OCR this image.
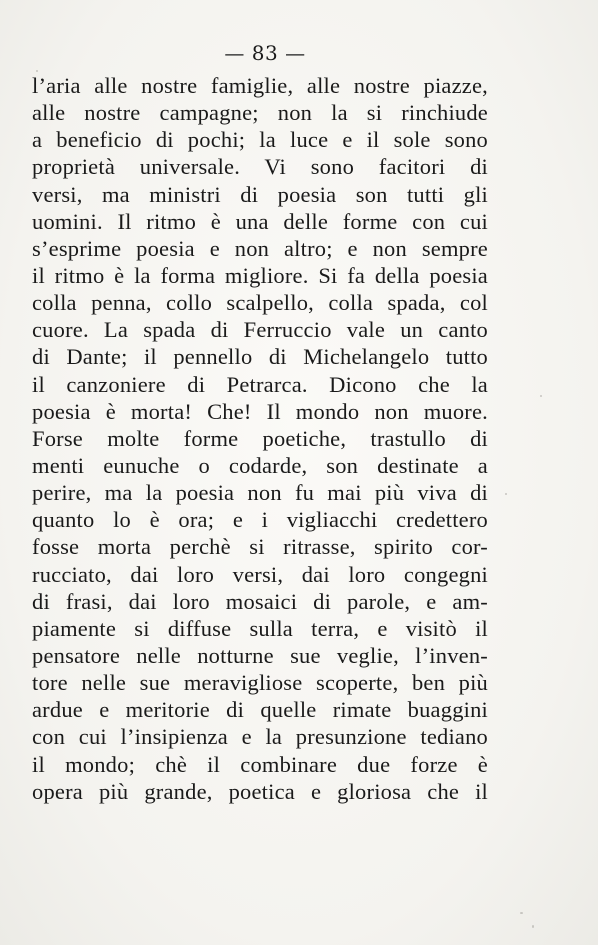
— 83 —
l’aria alle nostre famiglie, alle nostre piazze,
alle nostre campagne; non la si rinchiude
a beneficio di pochi; la luce e il sole sono
proprietà universale. Vi sono facitori di
versi, ma ministri di poesia son tutti gli
uomini. Il ritmo è una delle forme con cui
s’esprime poesia e non altro; e non sempre
il ritmo è la forma migliore. Si fa della poesia
colla penna, collo scalpello, colla spada, col
cuore. La spada di Ferruccio vale un canto
di Dante; il pennello di Michelangelo tutto
il canzoniere di Petrarca. Dicono che la
poesia è morta! Che! Il mondo non muore.
Forse molte forme poetiche, trastullo di
menti eunuche o codarde, son destinate a
perire, ma la poesia non fu mai più viva di
quanto lo è ora; e i vigliacchi credettero
fosse morta perchè si ritrasse, spirito cor-
rucciato, dai loro versi, dai loro congegni
di frasi, dai loro mosaici di parole, e am-
piamente si diffuse sulla terra, e visitò il
pensatore nelle notturne sue veglie, l’inven-
tore nelle sue meravigliose scoperte, ben più
ardue e meritorie di quelle rimate buaggini
con cui l’insipienza e la presunzione tediano
il mondo; chè il combinare due forze è
opera più grande, poetica e gloriosa che il
